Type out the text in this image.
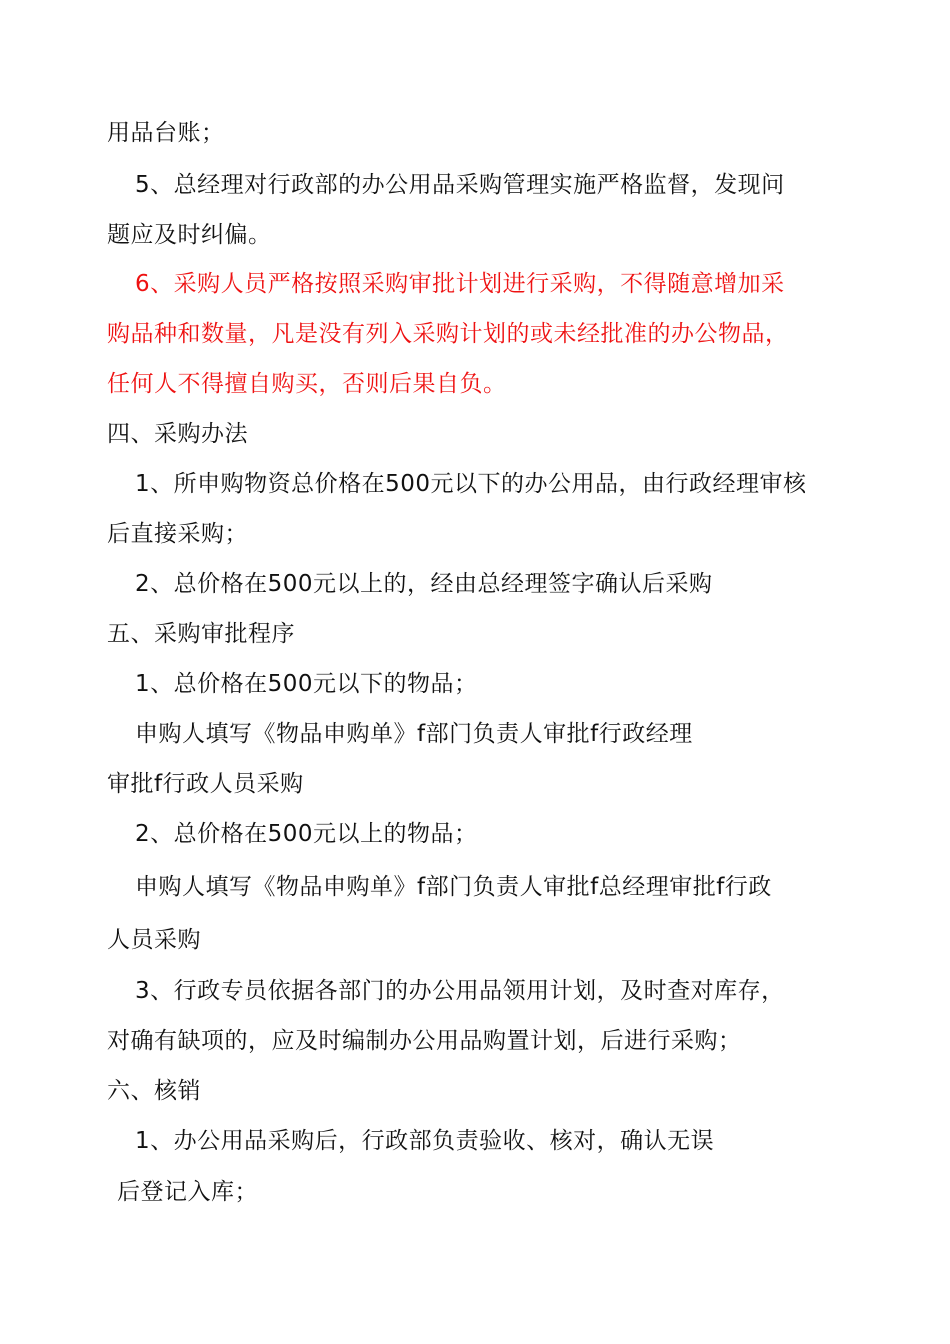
用品台账；
5、总经理对行政部的办公用品采购管理实施严格监督，发现问
题应及时纠偏。
6、采购人员严格按照采购审批计划进行采购，不得随意增加采
购品种和数量，凡是没有列入采购计划的或未经批准的办公物品，
任何人不得擅自购买，否则后果自负。
四、采购办法
1、所申购物资总价格在500元以下的办公用品，由行政经理审核
后直接采购；
2、总价格在500元以上的，经由总经理签字确认后采购
五、采购审批程序
1、总价格在500元以下的物品；
申购人填写《物品申购单》f部门负责人审批f行政经理
审批f行政人员采购
2、总价格在500元以上的物品；
申购人填写《物品申购单》f部门负责人审批f总经理审批f行政
人员采购
3、行政专员依据各部门的办公用品领用计划，及时查对库存，
对确有缺项的，应及时编制办公用品购置计划，后进行采购；
六、核销
1、办公用品采购后，行政部负责验收、核对，确认无误
后登记入库；
